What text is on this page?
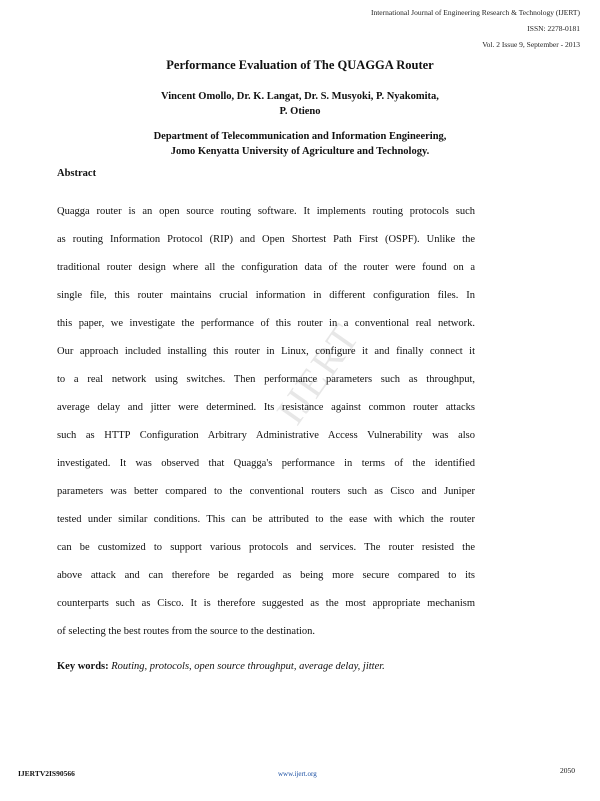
International Journal of Engineering Research & Technology (IJERT)
ISSN: 2278-0181
Vol. 2 Issue 9, September - 2013
Performance Evaluation of The QUAGGA Router
Vincent Omollo, Dr. K. Langat, Dr. S. Musyoki, P. Nyakomita,
P. Otieno
Department of Telecommunication and Information Engineering,
Jomo Kenyatta University of Agriculture and Technology.
IJERT
Abstract
Quagga router is an open source routing software. It implements routing protocols such
as routing Information Protocol (RIP) and Open Shortest Path First (OSPF). Unlike the
traditional router design where all the configuration data of the router were found on a
single file, this router maintains crucial information in different configuration files. In
this paper, we investigate the performance of this router in a conventional real network.
Our approach included installing this router in Linux, configure it and finally connect it
to a real network using switches. Then performance parameters such as throughput,
average delay and jitter were determined. Its resistance against common router attacks
such as HTTP Configuration Arbitrary Administrative Access Vulnerability was also
investigated. It was observed that Quagga's performance in terms of the identified
parameters was better compared to the conventional routers such as Cisco and Juniper
tested under similar conditions. This can be attributed to the ease with which the router
can be customized to support various protocols and services. The router resisted the
above attack and can therefore be regarded as being more secure compared to its
counterparts such as Cisco. It is therefore suggested as the most appropriate mechanism
of selecting the best routes from the source to the destination.
Key words: Routing, protocols, open source throughput, average delay, jitter.
IJERTV2IS90566	www.ijert.org	2050
